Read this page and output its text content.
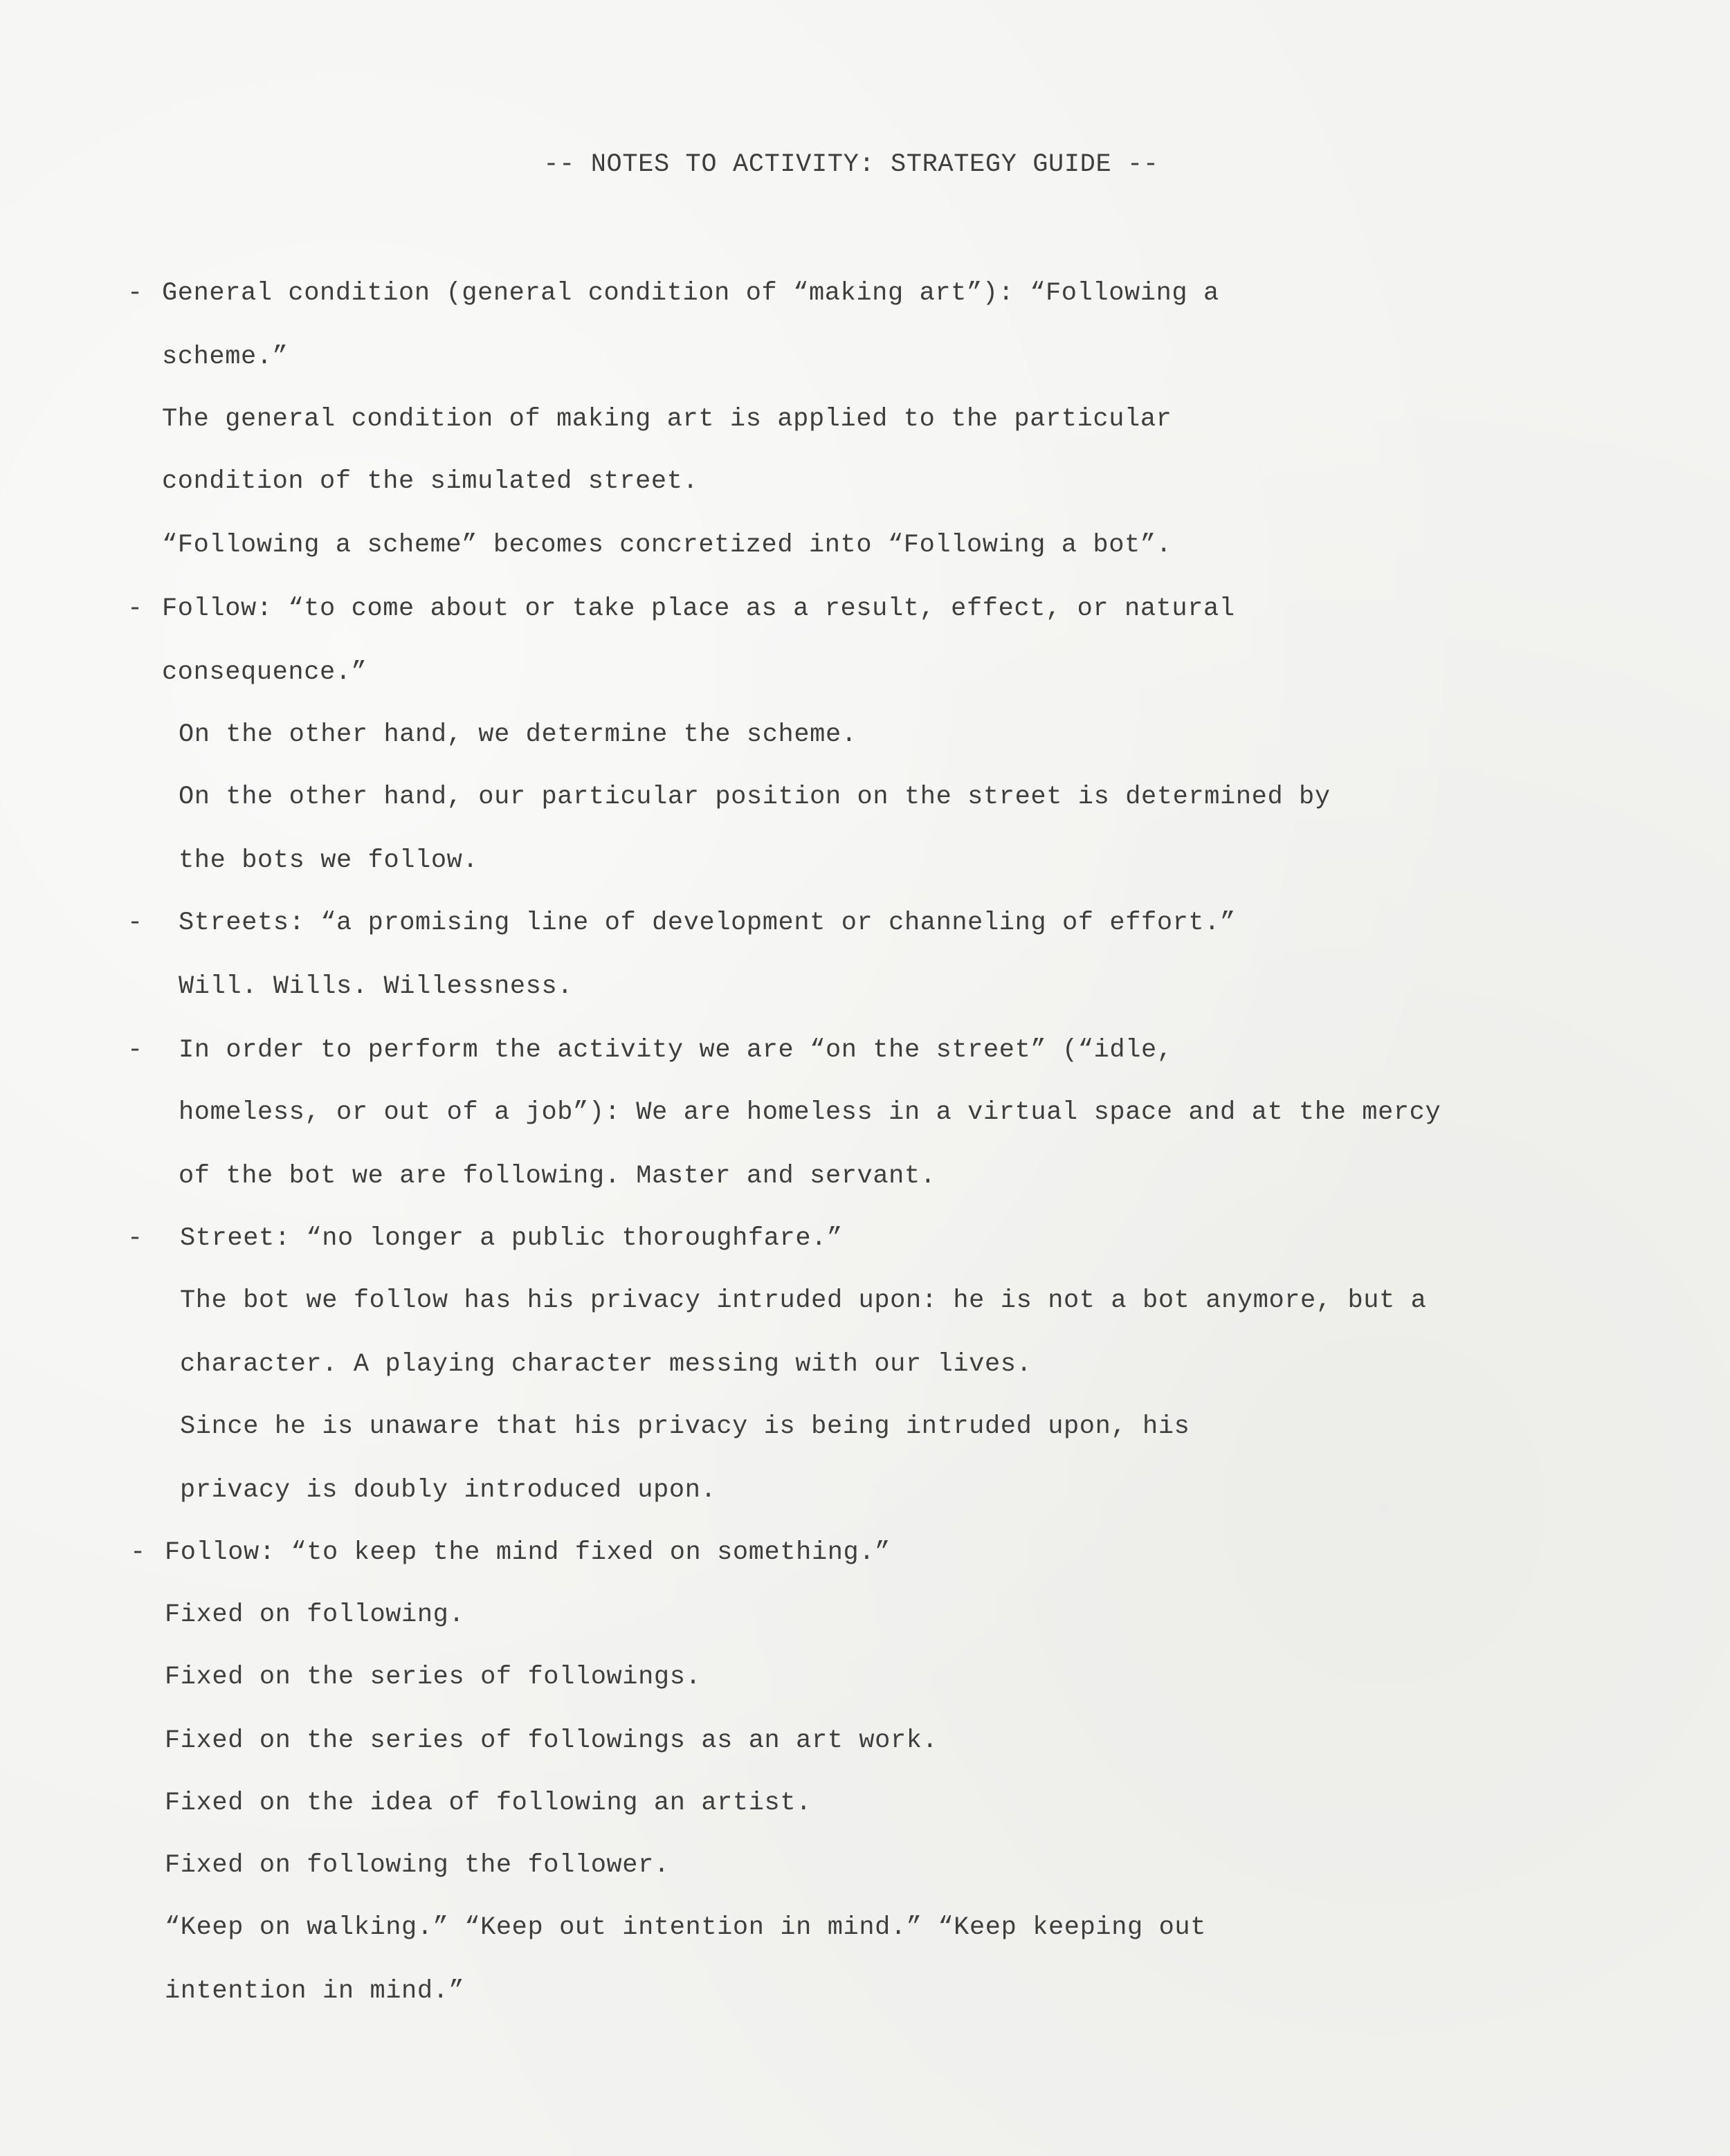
-- NOTES TO ACTIVITY: STRATEGY GUIDE --
- General condition (general condition of “making art”): “Following a
scheme.”
The general condition of making art is applied to the particular
condition of the simulated street.
“Following a scheme” becomes concretized into “Following a bot”.
- Follow: “to come about or take place as a result, effect, or natural
consequence.”
On the other hand, we determine the scheme.
On the other hand, our particular position on the street is determined by
the bots we follow.
- Streets: “a promising line of development or channeling of effort.”
Will. Wills. Willessness.
- In order to perform the activity we are “on the street” (“idle,
homeless, or out of a job”): We are homeless in a virtual space and at the mercy
of the bot we are following. Master and servant.
- Street: “no longer a public thoroughfare.”
The bot we follow has his privacy intruded upon: he is not a bot anymore, but a
character. A playing character messing with our lives.
Since he is unaware that his privacy is being intruded upon, his
privacy is doubly introduced upon.
- Follow: “to keep the mind fixed on something.”
Fixed on following.
Fixed on the series of followings.
Fixed on the series of followings as an art work.
Fixed on the idea of following an artist.
Fixed on following the follower.
“Keep on walking.” “Keep out intention in mind.” “Keep keeping out
intention in mind.”
